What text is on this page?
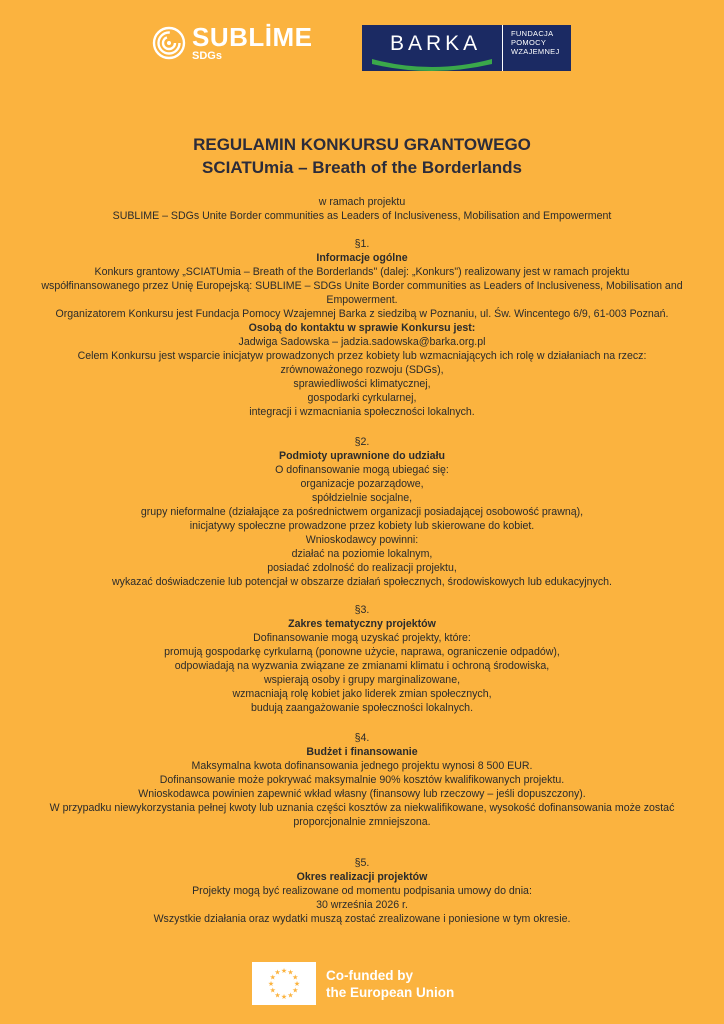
SUBLİME
SDGs
BARKA	FUNDACJA
POMOCY
WZAJEMNEJ
REGULAMIN KONKURSU GRANTOWEGO
SCIATUmia – Breath of the Borderlands
w ramach projektu
SUBLIME – SDGs Unite Border communities as Leaders of Inclusiveness, Mobilisation and Empowerment
§1.
Informacje ogólne
Konkurs grantowy „SCIATUmia – Breath of the Borderlands" (dalej: „Konkurs") realizowany jest w ramach projektu
współfinansowanego przez Unię Europejską: SUBLIME – SDGs Unite Border communities as Leaders of Inclusiveness, Mobilisation and
Empowerment.
Organizatorem Konkursu jest Fundacja Pomocy Wzajemnej Barka z siedzibą w Poznaniu, ul. Św. Wincentego 6/9, 61-003 Poznań.
Osobą do kontaktu w sprawie Konkursu jest:
Jadwiga Sadowska – jadzia.sadowska@barka.org.pl
Celem Konkursu jest wsparcie inicjatyw prowadzonych przez kobiety lub wzmacniających ich rolę w działaniach na rzecz:
zrównoważonego rozwoju (SDGs),
sprawiedliwości klimatycznej,
gospodarki cyrkularnej,
integracji i wzmacniania społeczności lokalnych.
§2.
Podmioty uprawnione do udziału
O dofinansowanie mogą ubiegać się:
organizacje pozarządowe,
spółdzielnie socjalne,
grupy nieformalne (działające za pośrednictwem organizacji posiadającej osobowość prawną),
inicjatywy społeczne prowadzone przez kobiety lub skierowane do kobiet.
Wnioskodawcy powinni:
działać na poziomie lokalnym,
posiadać zdolność do realizacji projektu,
wykazać doświadczenie lub potencjał w obszarze działań społecznych, środowiskowych lub edukacyjnych.
§3.
Zakres tematyczny projektów
Dofinansowanie mogą uzyskać projekty, które:
promują gospodarkę cyrkularną (ponowne użycie, naprawa, ograniczenie odpadów),
odpowiadają na wyzwania związane ze zmianami klimatu i ochroną środowiska,
wspierają osoby i grupy marginalizowane,
wzmacniają rolę kobiet jako liderek zmian społecznych,
budują zaangażowanie społeczności lokalnych.
§4.
Budżet i finansowanie
Maksymalna kwota dofinansowania jednego projektu wynosi 8 500 EUR.
Dofinansowanie może pokrywać maksymalnie 90% kosztów kwalifikowanych projektu.
Wnioskodawca powinien zapewnić wkład własny (finansowy lub rzeczowy – jeśli dopuszczony).
W przypadku niewykorzystania pełnej kwoty lub uznania części kosztów za niekwalifikowane, wysokość dofinansowania może zostać
proporcjonalnie zmniejszona.
§5.
Okres realizacji projektów
Projekty mogą być realizowane od momentu podpisania umowy do dnia:
30 września 2026 r.
Wszystkie działania oraz wydatki muszą zostać zrealizowane i poniesione w tym okresie.
★ ★
★
★
★
★
★
★
★
★
★
★	Co-funded by
the European Union
